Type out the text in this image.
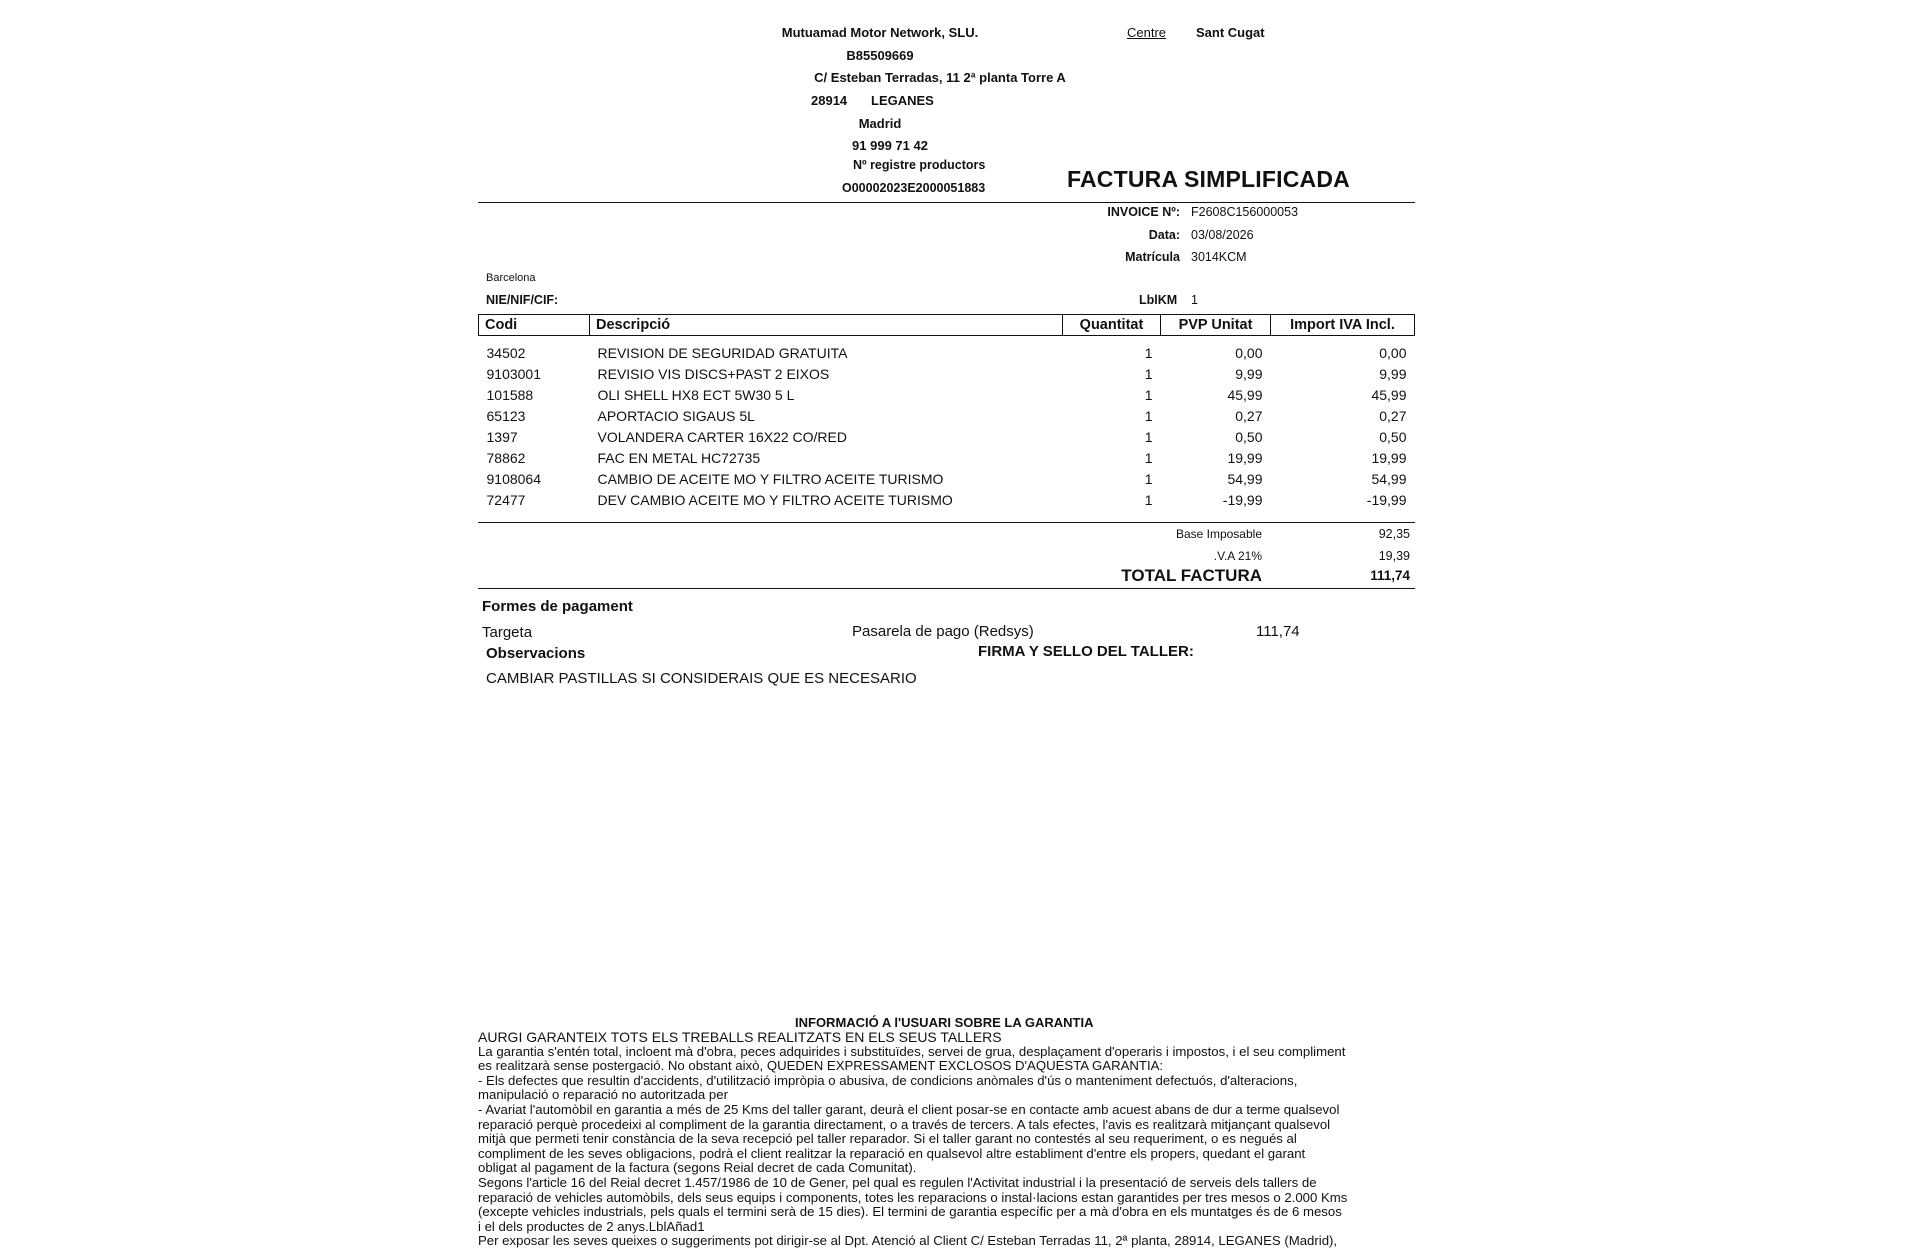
Mutuamad Motor Network, SLU.
B85509669
C/ Esteban Terradas, 11 2ª planta Torre A
28914 LEGANES
Madrid
91 999 71 42
Nº registre productors
O00002023E2000051883
Centre Sant Cugat
FACTURA SIMPLIFICADA
INVOICE Nº: F2608C156000053
Data: 03/08/2026
Matrícula 3014KCM
Barcelona
NIE/NIF/CIF:	LblKM 1
Codi	Descripció	Quantitat	PVP Unitat	Import IVA Incl.

34502	REVISION DE SEGURIDAD GRATUITA	1	0,00	0,00
9103001	REVISIO VIS DISCS+PAST 2 EIXOS	1	9,99	9,99
101588	OLI SHELL HX8 ECT 5W30 5 L	1	45,99	45,99
65123	APORTACIO SIGAUS 5L	1	0,27	0,27
1397	VOLANDERA CARTER 16X22 CO/RED	1	0,50	0,50
78862	FAC EN METAL HC72735	1	19,99	19,99
9108064	CAMBIO DE ACEITE MO Y FILTRO ACEITE TURISMO	1	54,99	54,99
72477	DEV CAMBIO ACEITE MO Y FILTRO ACEITE TURISMO	1	-19,99	-19,99
Base Imposable	92,35
.V.A 21%	19,39
TOTAL FACTURA	111,74
Formes de pagament
Targeta	Pasarela de pago (Redsys)	111,74
Observacions	FIRMA Y SELLO DEL TALLER:
CAMBIAR PASTILLAS SI CONSIDERAIS QUE ES NECESARIO
INFORMACIÓ A l'USUARI SOBRE LA GARANTIA

AURGI GARANTEIX TOTS ELS TREBALLS REALITZATS EN ELS SEUS TALLERS

La garantia s'entén total, incloent mà d'obra, peces adquirides i substituïdes, servei de grua, desplaçament d'operaris i impostos, i el seu compliment

es realitzarà sense postergació. No obstant això, QUEDEN EXPRESSAMENT EXCLOSOS D'AQUESTA GARANTIA:

- Els defectes que resultin d'accidents, d'utilització impròpia o abusiva, de condicions anòmales d'ús o manteniment defectuós, d'alteracions,

manipulació o reparació no autoritzada per

- Avariat l'automòbil en garantia a més de 25 Kms del taller garant, deurà el client posar-se en contacte amb acuest abans de dur a terme qualsevol

reparació perquè procedeixi al compliment de la garantia directament, o a través de tercers. A tals efectes, l'avis es realitzarà mitjançant qualsevol

mitjà que permeti tenir constància de la seva recepció pel taller reparador. Si el taller garant no contestés al seu requeriment, o es negués al

compliment de les seves obligacions, podrà el client realitzar la reparació en qualsevol altre establiment d'entre els propers, quedant el garant

obligat al pagament de la factura (segons Reial decret de cada Comunitat).

Segons l'article 16 del Reial decret 1.457/1986 de 10 de Gener, pel qual es regulen l'Activitat industrial i la presentació de serveis dels tallers de

reparació de vehicles automòbils, dels seus equips i components, totes les reparacions o instal·lacions estan garantides per tres mesos o 2.000 Kms

(excepte vehicles industrials, pels quals el termini serà de 15 dies). El termini de garantia específic per a mà d'obra en els muntatges és de 6 mesos

i el dels productes de 2 anys.LblAñad1

Per exposar les seves queixes o suggeriments pot dirigir-se al Dpt. Atenció al Client C/ Esteban Terradas 11, 2ª planta, 28914, LEGANES (Madrid),
